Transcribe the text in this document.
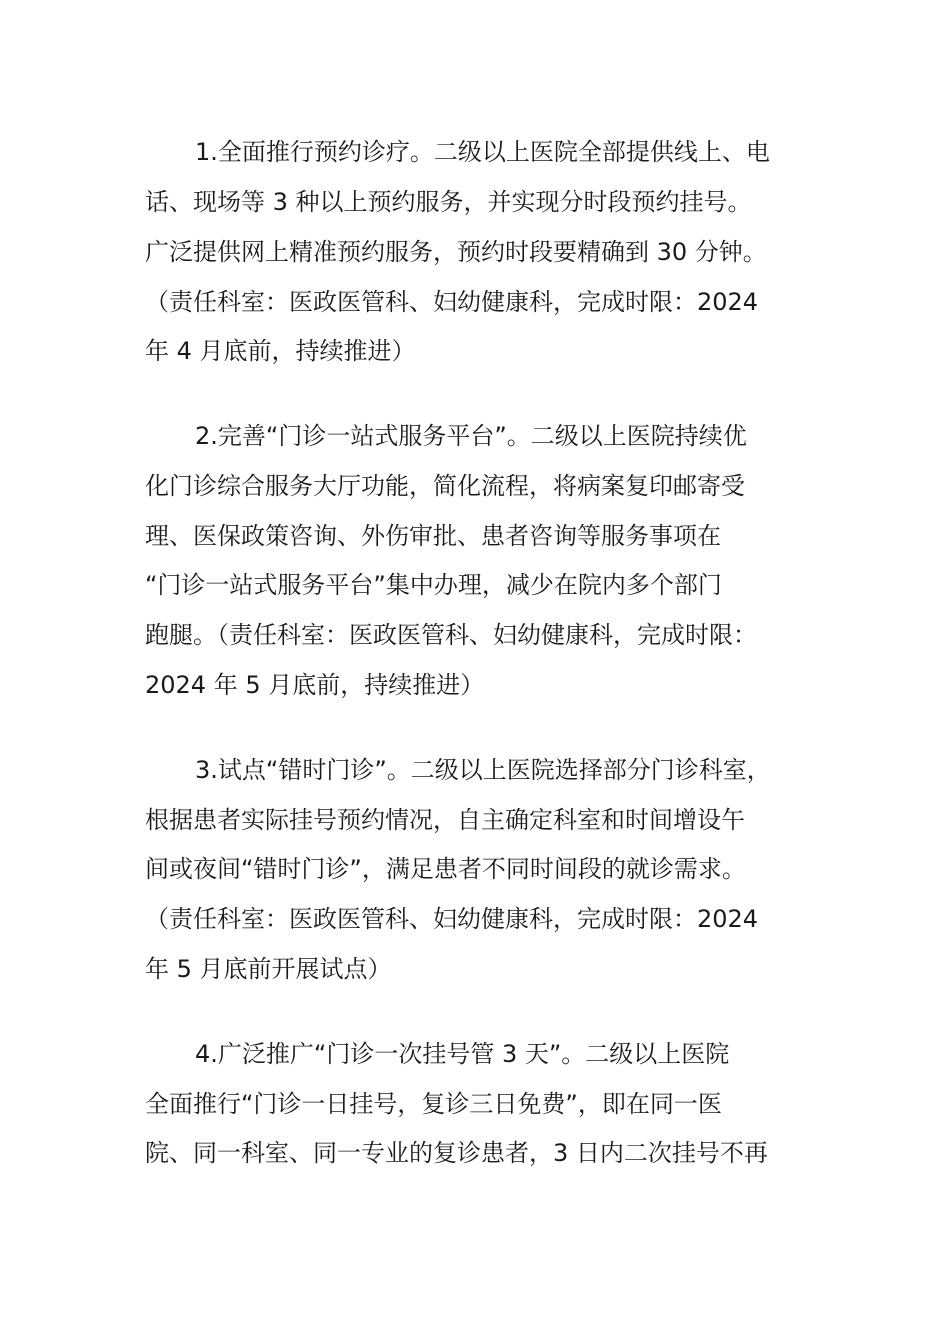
1.全面推行预约诊疗。二级以上医院全部提供线上、电

话、现场等 3 种以上预约服务，并实现分时段预约挂号。

广泛提供网上精准预约服务，预约时段要精确到 30 分钟。

（责任科室：医政医管科、妇幼健康科，完成时限：2024

年 4 月底前，持续推进）

2.完善“门诊一站式服务平台”。二级以上医院持续优

化门诊综合服务大厅功能，简化流程，将病案复印邮寄受

理、医保政策咨询、外伤审批、患者咨询等服务事项在

“门诊一站式服务平台”集中办理，减少在院内多个部门

跑腿。（责任科室：医政医管科、妇幼健康科，完成时限：

2024 年 5 月底前，持续推进）

3.试点“错时门诊”。二级以上医院选择部分门诊科室，

根据患者实际挂号预约情况，自主确定科室和时间增设午

间或夜间“错时门诊”，满足患者不同时间段的就诊需求。

（责任科室：医政医管科、妇幼健康科，完成时限：2024

年 5 月底前开展试点）

4.广泛推广“门诊一次挂号管 3 天”。二级以上医院

全面推行“门诊一日挂号，复诊三日免费”，即在同一医

院、同一科室、同一专业的复诊患者，3 日内二次挂号不再
